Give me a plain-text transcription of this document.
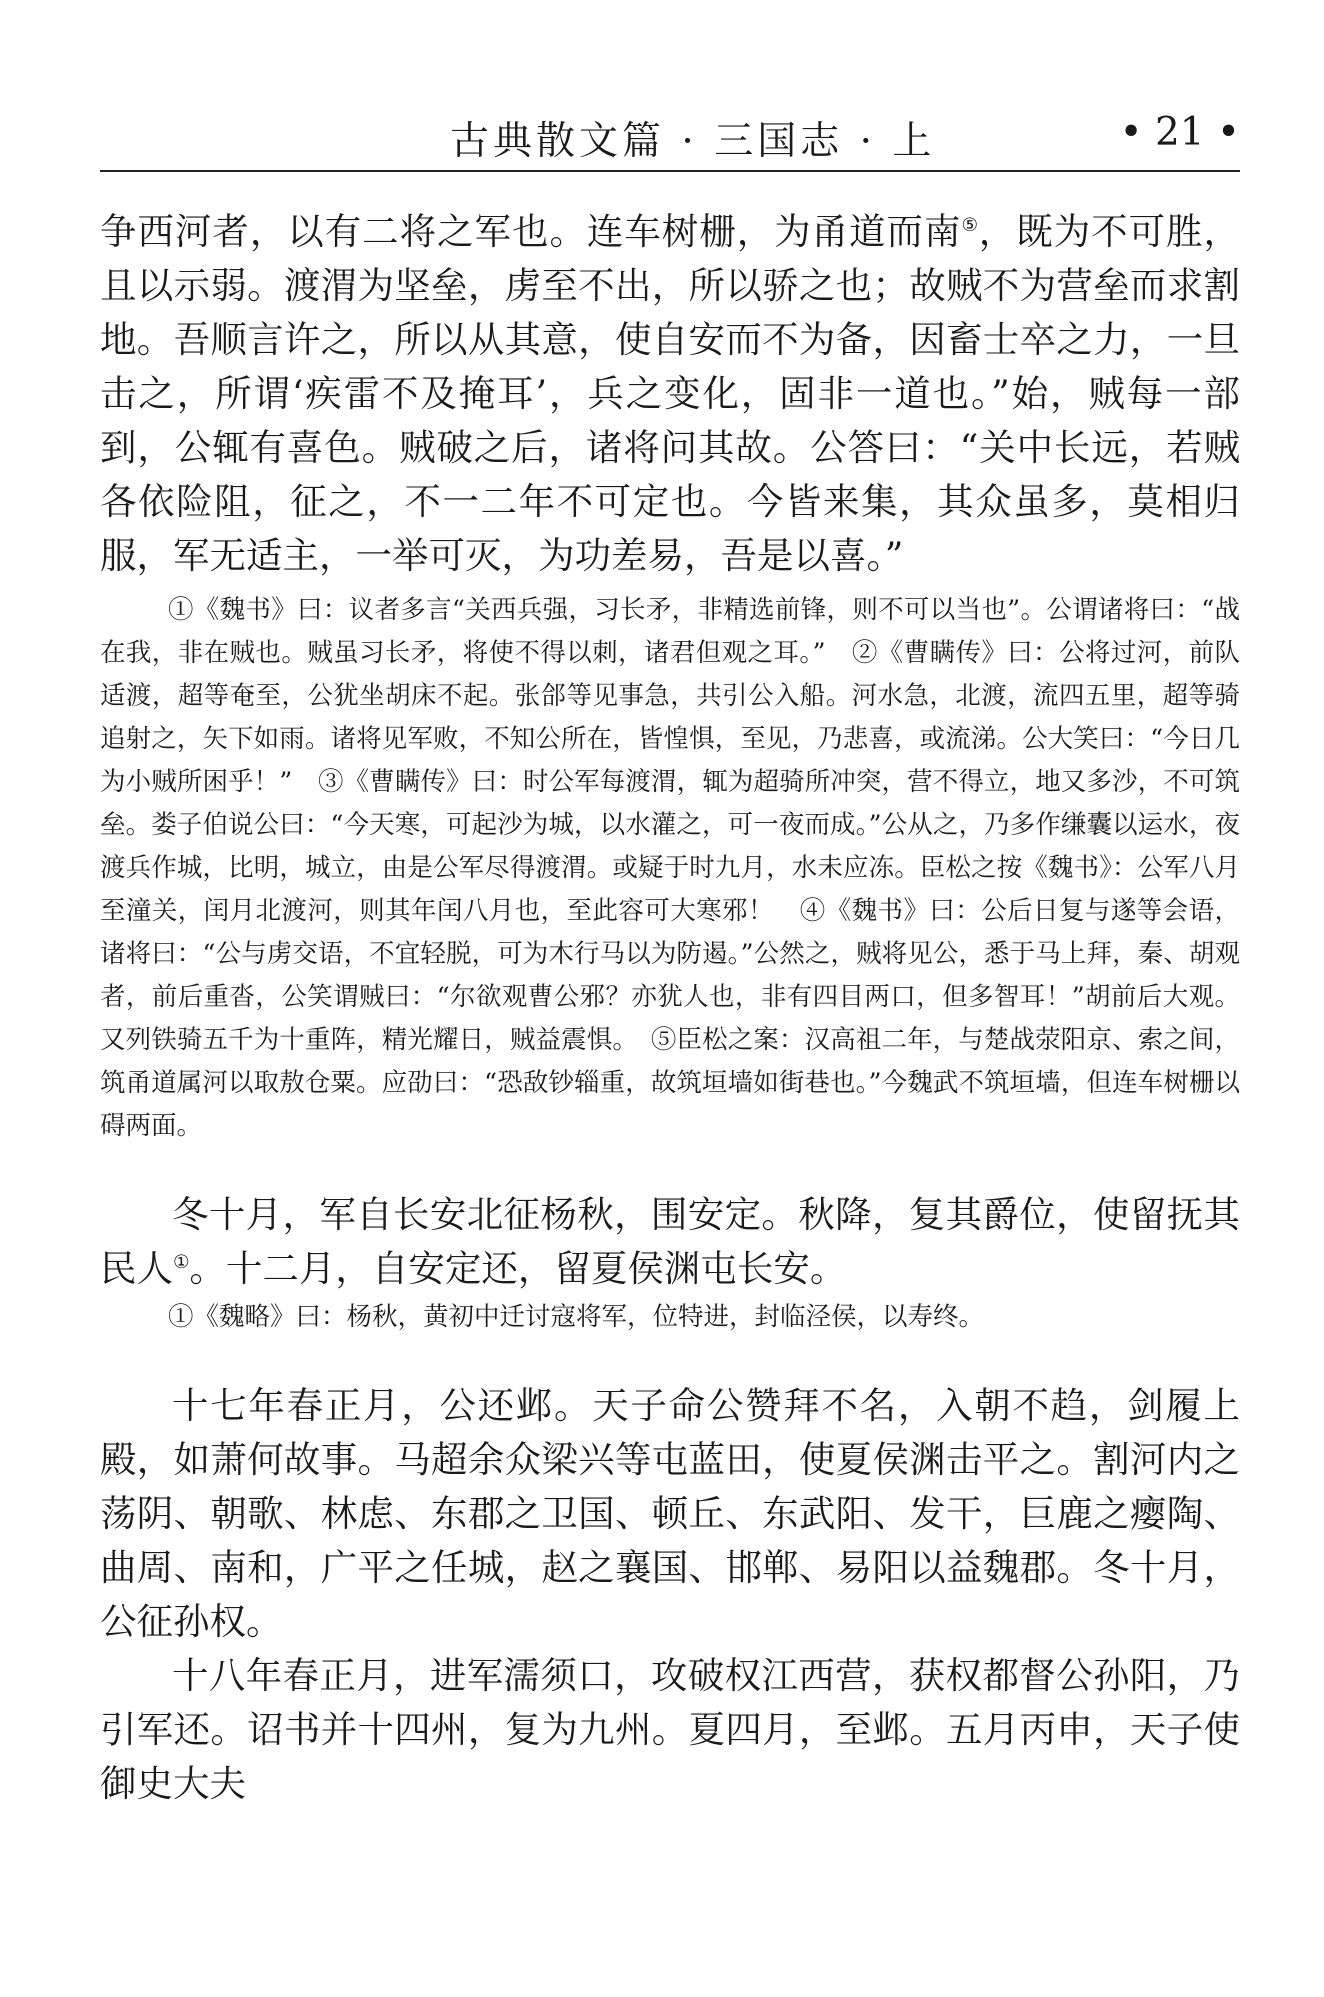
古典散文篇 · 三国志 · 上	• 21 •

争西河者，以有二将之军也。连车树栅，为甬道而南⑤，既为不可胜，且以示弱。渡渭为坚垒，虏至不出，所以骄之也；故贼不为营垒而求割地。吾顺言许之，所以从其意，使自安而不为备，因畜士卒之力，一旦击之，所谓‘疾雷不及掩耳’，兵之变化，固非一道也。”始，贼每一部到，公辄有喜色。贼破之后，诸将问其故。公答曰：“关中长远，若贼各依险阻，征之，不一二年不可定也。今皆来集，其众虽多，莫相归服，军无适主，一举可灭，为功差易，吾是以喜。”

①《魏书》曰：议者多言“关西兵强，习长矛，非精选前锋，则不可以当也”。公谓诸将曰：“战在我，非在贼也。贼虽习长矛，将使不得以刺，诸君但观之耳。”　②《曹瞒传》曰：公将过河，前队适渡，超等奄至，公犹坐胡床不起。张郃等见事急，共引公入船。河水急，北渡，流四五里，超等骑追射之，矢下如雨。诸将见军败，不知公所在，皆惶惧，至见，乃悲喜，或流涕。公大笑曰：“今日几为小贼所困乎！”　③《曹瞒传》曰：时公军每渡渭，辄为超骑所冲突，营不得立，地又多沙，不可筑垒。娄子伯说公曰：“今天寒，可起沙为城，以水灌之，可一夜而成。”公从之，乃多作缣囊以运水，夜渡兵作城，比明，城立，由是公军尽得渡渭。或疑于时九月，水未应冻。臣松之按《魏书》：公军八月至潼关，闰月北渡河，则其年闰八月也，至此容可大寒邪！　④《魏书》曰：公后日复与遂等会语，诸将曰：“公与虏交语，不宜轻脱，可为木行马以为防遏。”公然之，贼将见公，悉于马上拜，秦、胡观者，前后重沓，公笑谓贼曰：“尔欲观曹公邪？亦犹人也，非有四目两口，但多智耳！”胡前后大观。又列铁骑五千为十重阵，精光耀日，贼益震惧。　⑤臣松之案：汉高祖二年，与楚战荥阳京、索之间，筑甬道属河以取敖仓粟。应劭曰：“恐敌钞辎重，故筑垣墙如街巷也。”今魏武不筑垣墙，但连车树栅以碍两面。

冬十月，军自长安北征杨秋，围安定。秋降，复其爵位，使留抚其民人①。十二月，自安定还，留夏侯渊屯长安。

①《魏略》曰：杨秋，黄初中迁讨寇将军，位特进，封临泾侯，以寿终。

十七年春正月，公还邺。天子命公赞拜不名，入朝不趋，剑履上殿，如萧何故事。马超余众梁兴等屯蓝田，使夏侯渊击平之。割河内之荡阴、朝歌、林虑、东郡之卫国、顿丘、东武阳、发干，巨鹿之瘿陶、曲周、南和，广平之任城，赵之襄国、邯郸、易阳以益魏郡。冬十月，公征孙权。

十八年春正月，进军濡须口，攻破权江西营，获权都督公孙阳，乃引军还。诏书并十四州，复为九州。夏四月，至邺。五月丙申，天子使御史大夫
